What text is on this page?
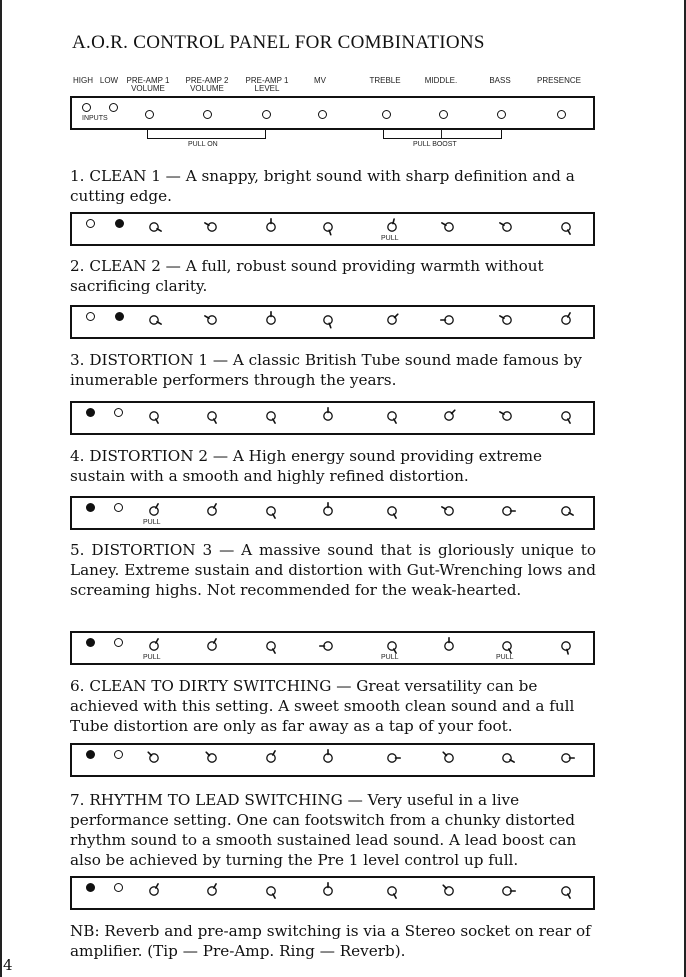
A.O.R. CONTROL PANEL FOR COMBINATIONS
HIGH LOW	PRE-AMP 1 VOLUME
PRE-AMP 2 VOLUME
PRE-AMP 1 LEVEL
MV	TREBLE	MIDDLE.	BASS	PRESENCE
INPUTS
PULL ON	PULL BOOST
1. CLEAN 1 — A snappy, bright sound with sharp definition and a cutting edge.
2. CLEAN 2 — A full, robust sound providing warmth without sacrificing clarity.
3. DISTORTION 1 — A classic British Tube sound made famous by inumerable performers through the years.
4. DISTORTION 2 — A High energy sound providing extreme sustain with a smooth and highly refined distortion.
5. DISTORTION 3 — A massive sound that is gloriously unique to Laney. Extreme sustain and distortion with Gut-Wrenching lows and screaming highs. Not recommended for the weak-hearted.
6. CLEAN TO DIRTY SWITCHING — Great versatility can be achieved with this setting. A sweet smooth clean sound and a full Tube distortion are only as far away as a tap of your foot.
7. RHYTHM TO LEAD SWITCHING — Very useful in a live performance setting. One can footswitch from a chunky distorted rhythm sound to a smooth sustained lead sound. A lead boost can also be achieved by turning the Pre 1 level control up full.
PULL
PULL
PULL	PULL	PULL
NB: Reverb and pre-amp switching is via a Stereo socket on rear of amplifier. (Tip — Pre-Amp. Ring — Reverb).
4
